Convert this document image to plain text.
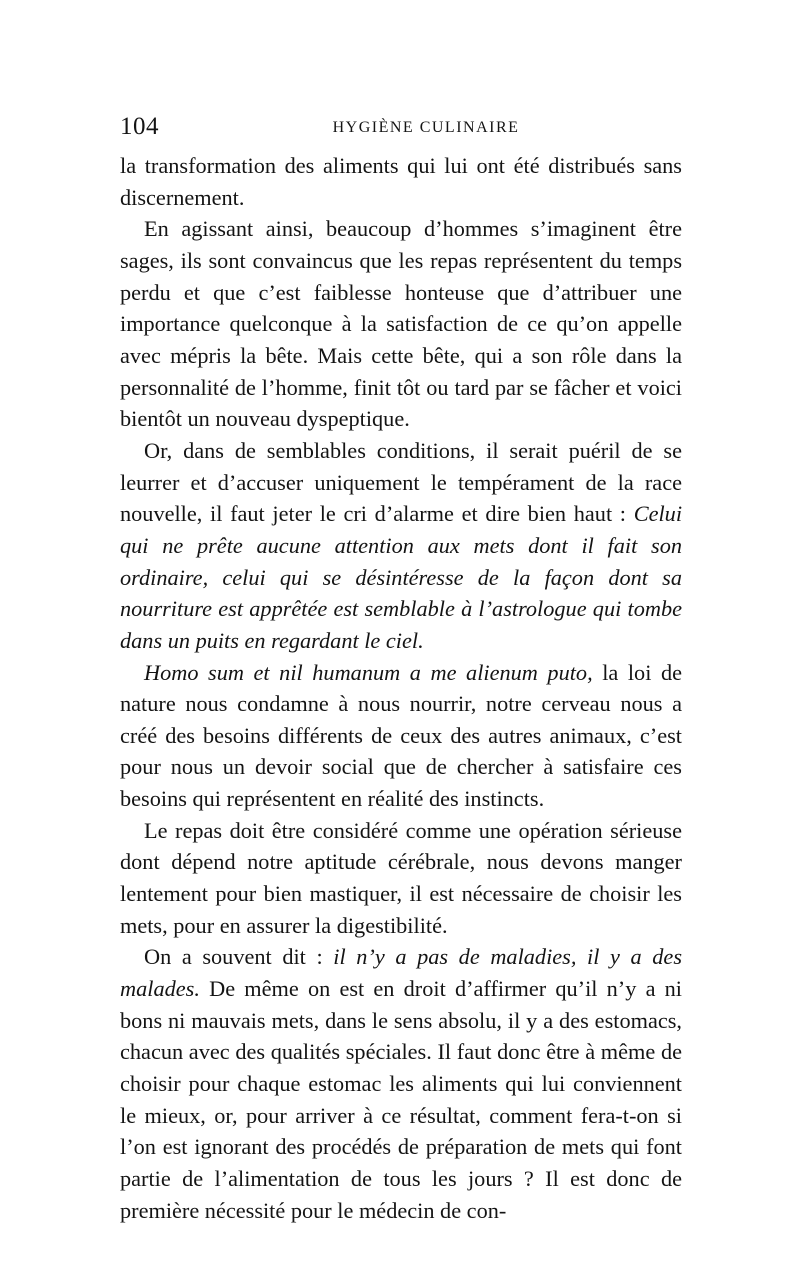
104	HYGIÈNE CULINAIRE

la transformation des aliments qui lui ont été distribués sans discernement.

En agissant ainsi, beaucoup d’hommes s’imaginent être sages, ils sont convaincus que les repas représentent du temps perdu et que c’est faiblesse honteuse que d’attribuer une importance quelconque à la satisfaction de ce qu’on appelle avec mépris la bête. Mais cette bête, qui a son rôle dans la personnalité de l’homme, finit tôt ou tard par se fâcher et voici bientôt un nouveau dyspeptique.

Or, dans de semblables conditions, il serait puéril de se leurrer et d’accuser uniquement le tempérament de la race nouvelle, il faut jeter le cri d’alarme et dire bien haut : Celui qui ne prête aucune attention aux mets dont il fait son ordinaire, celui qui se désintéresse de la façon dont sa nourriture est apprêtée est semblable à l’astrologue qui tombe dans un puits en regardant le ciel.

Homo sum et nil humanum a me alienum puto, la loi de nature nous condamne à nous nourrir, notre cerveau nous a créé des besoins différents de ceux des autres animaux, c’est pour nous un devoir social que de chercher à satisfaire ces besoins qui représentent en réalité des instincts.

Le repas doit être considéré comme une opération sérieuse dont dépend notre aptitude cérébrale, nous devons manger lentement pour bien mastiquer, il est nécessaire de choisir les mets, pour en assurer la digestibilité.

On a souvent dit : il n’y a pas de maladies, il y a des malades. De même on est en droit d’affirmer qu’il n’y a ni bons ni mauvais mets, dans le sens absolu, il y a des estomacs, chacun avec des qualités spéciales. Il faut donc être à même de choisir pour chaque estomac les aliments qui lui conviennent le mieux, or, pour arriver à ce résultat, comment fera-t-on si l’on est ignorant des procédés de préparation de mets qui font partie de l’alimentation de tous les jours ? Il est donc de première nécessité pour le médecin de con-
